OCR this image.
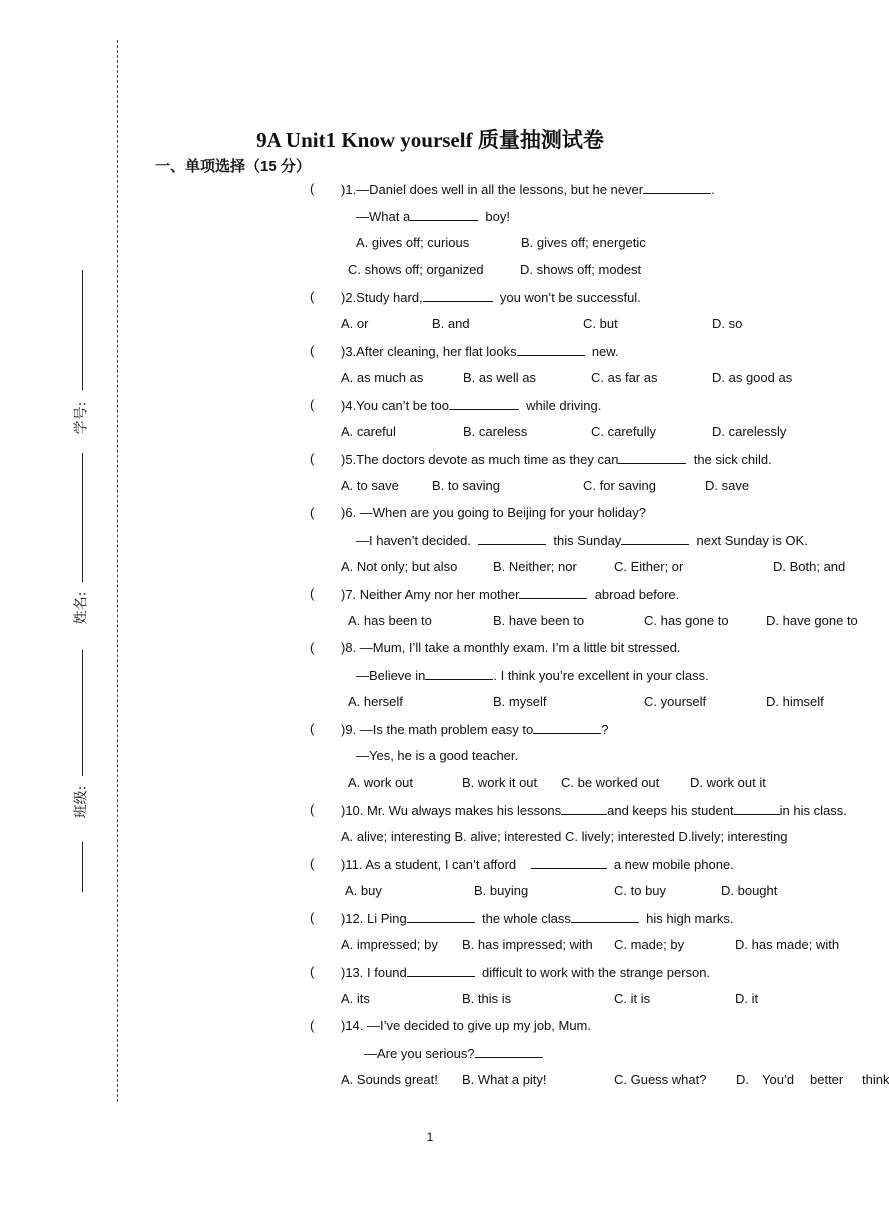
学号:
姓名:
班级:
9A Unit1 Know yourself 质量抽测试卷
一、单项选择（15 分）
( )1.—Daniel does well in all the lessons, but he never	.
—What a	boy!
A. gives off; curious	B. gives off; energetic
C. shows off; organized	D. shows off; modest
( )2.Study hard,	you won’t be successful.
A. or	B. and	C. but	D. so
( )3.After cleaning, her flat looks	new.
A. as much as	B. as well as	C. as far as	D. as good as
( )4.You can’t be too	while driving.
A. careful	B. careless	C. carefully	D. carelessly
( )5.The doctors devote as much time as they can	the sick child.
A. to save	B. to saving	C. for saving	D. save
( )6. —When are you going to Beijing for your holiday?
—I haven’t decided.	this Sunday	next Sunday is OK.
A. Not only; but also	B. Neither; nor	C. Either; or	D. Both; and
( )7. Neither Amy nor her mother	abroad before.
A. has been to	B. have been to	C. has gone to	D. have gone to
( )8. —Mum, I’ll take a monthly exam. I’m a little bit stressed.
—Believe in	. I think you’re excellent in your class.
A. herself	B. myself	C. yourself	D. himself
( )9. —Is the math problem easy to	?
—Yes, he is a good teacher.
A. work out	B. work it out C. be worked out D. work out it
( )10. Mr. Wu always makes his lessons	and keeps his student	in his class.
A. alive; interesting B. alive; interested C. lively; interested D.lively; interesting
( )11. As a student, I can’t afford	a new mobile phone.
A. buy	B. buying	C. to buy	D. bought
( )12. Li Ping	the whole class	his high marks.
A. impressed; by B. has impressed; with C. made; by	D. has made; with
( )13. I found	difficult to work with the strange person.
A. its	B. this is	C. it is	D. it
( )14. —I’ve decided to give up my job, Mum.
—Are you serious?
A. Sounds great! B. What a pity!	C. Guess what? D. You’d better think
1
